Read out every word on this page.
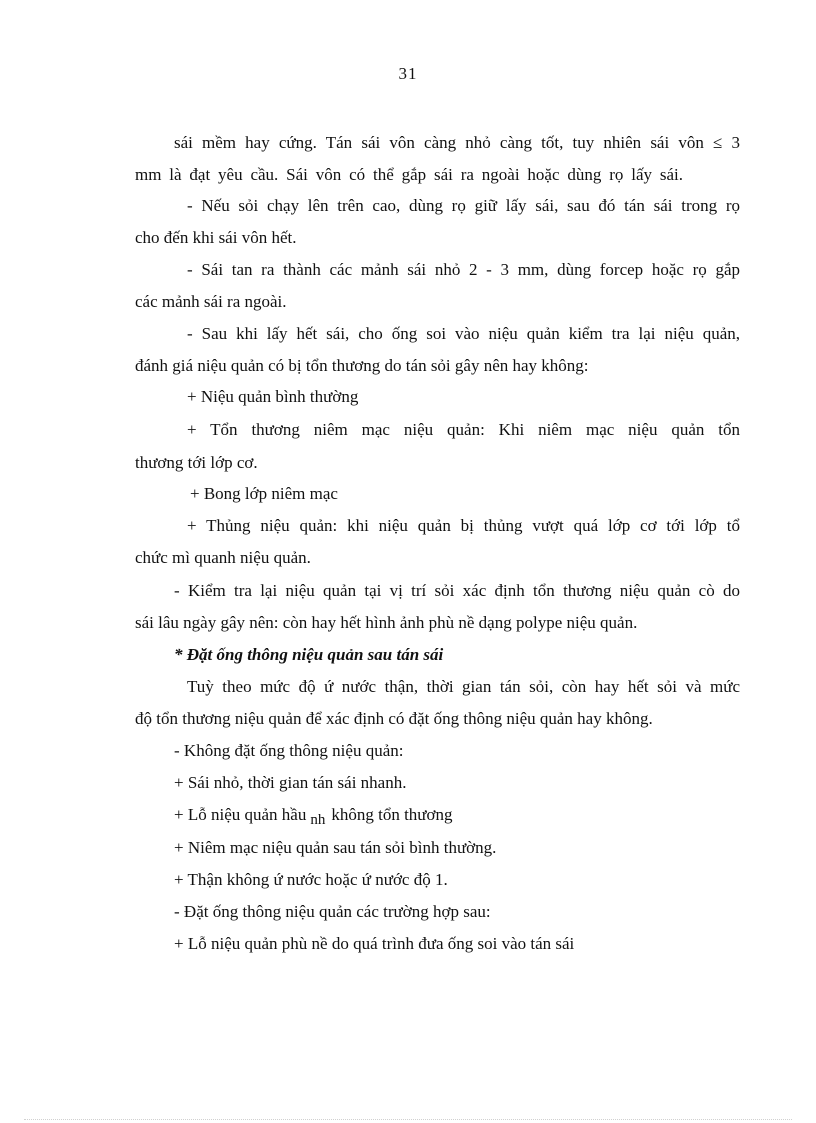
31
sái mềm hay cứng. Tán sái vôn càng nhỏ càng tốt, tuy nhiên sái vôn ≤ 3
mm là đạt yêu cầu. Sái vôn có thể gắp sái ra ngoài hoặc dùng rọ lấy sái.
- Nếu sỏi chạy lên trên cao, dùng rọ giữ lấy sái, sau đó tán sái trong rọ
cho đến khi sái vôn hết.
- Sái tan ra thành các mảnh sái nhỏ 2 - 3 mm, dùng forcep hoặc rọ gắp
các mảnh sái ra ngoài.
- Sau khi lấy hết sái, cho ống soi vào niệu quản kiểm tra lại niệu quản,
đánh giá niệu quản có bị tổn thương do tán sỏi gây nên hay không:
+ Niệu quản bình thường
+ Tổn thương niêm mạc niệu quản: Khi niêm mạc niệu quản tổn
thương tới lớp cơ.
+ Bong lớp niêm mạc
+ Thủng niệu quản: khi niệu quản bị thủng vượt quá lớp cơ tới lớp tổ
chức mì quanh niệu quản.
- Kiểm tra lại niệu quản tại vị trí sỏi xác định tổn thương niệu quản cò do
sái lâu ngày gây nên: còn hay hết hình ảnh phù nề dạng polype niệu quản.
* Đặt ống thông niệu quản sau tán sái
Tuỳ theo mức độ ứ nước thận, thời gian tán sỏi, còn hay hết sỏi và mức
độ tổn thương niệu quản để xác định có đặt ống thông niệu quản hay không.
- Không đặt ống thông niệu quản:
+ Sái nhỏ, thời gian tán sái nhanh.
+ Lỗ niệu quản hầu nh không tổn thương
+ Niêm mạc niệu quản sau tán sỏi bình thường.
+ Thận không ứ nước hoặc ứ nước độ 1.
- Đặt ống thông niệu quản các trường hợp sau:
+ Lỗ niệu quản phù nề do quá trình đưa ống soi vào tán sái
